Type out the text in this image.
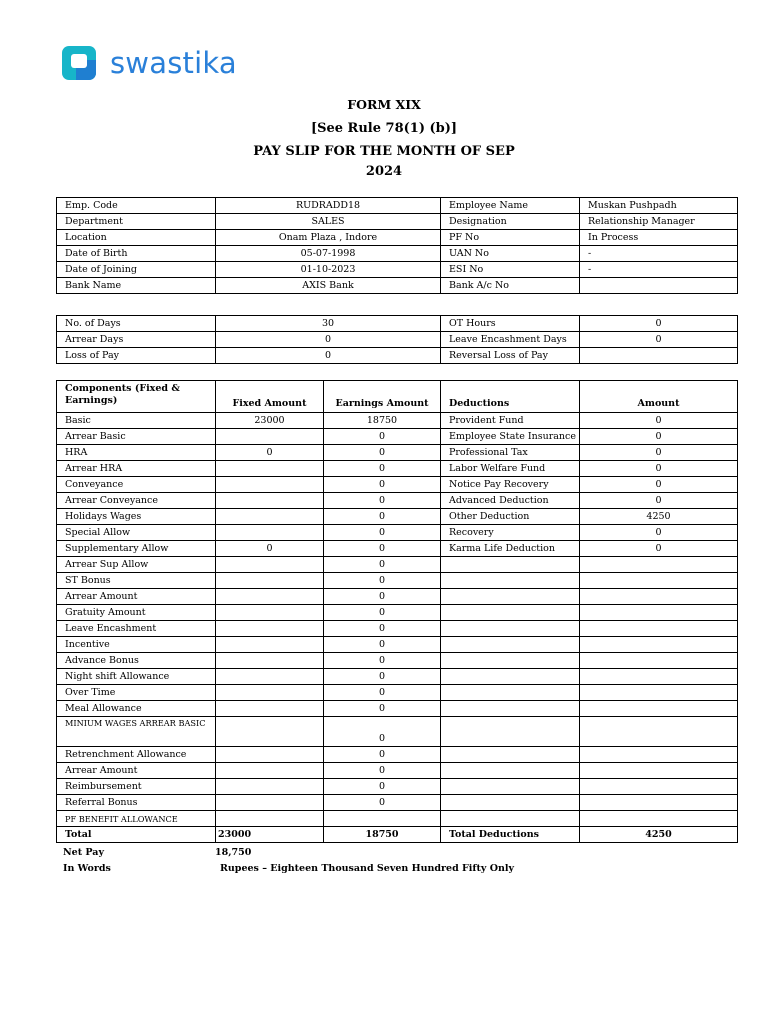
swastika
FORM XIX
[See Rule 78(1) (b)]
PAY SLIP FOR THE MONTH OF SEP
2024
Emp. Code	RUDRADD18	Employee Name	Muskan Pushpadh
Department	SALES	Designation	Relationship Manager
Location	Onam Plaza , Indore	PF No	In Process
Date of Birth	05-07-1998	UAN No	-
Date of Joining	01-10-2023	ESI No	-
Bank Name	AXIS Bank	Bank A/c No	
No. of Days	30	OT Hours	0
Arrear Days	0	Leave Encashment Days	0
Loss of Pay	0	Reversal Loss of Pay	
Components (Fixed & Earnings)	Fixed Amount	Earnings Amount	Deductions	Amount
Basic	23000	18750	Provident Fund	0
Arrear Basic		0	Employee State Insurance	0
HRA	0	0	Professional Tax	0
Arrear HRA		0	Labor Welfare Fund	0
Conveyance		0	Notice Pay Recovery	0
Arrear Conveyance		0	Advanced Deduction	0
Holidays Wages		0	Other Deduction	4250
Special Allow		0	Recovery	0
Supplementary Allow	0	0	Karma Life Deduction	0
Arrear Sup Allow		0		
ST Bonus		0		
Arrear Amount		0		
Gratuity Amount		0		
Leave Encashment		0		
Incentive		0		
Advance Bonus		0		
Night shift Allowance		0		
Over Time		0		
Meal Allowance		0		
MINIUM WAGES ARREAR BASIC		0		
Retrenchment Allowance		0		
Arrear Amount		0		
Reimbursement		0		
Referral Bonus		0		
PF BENEFIT ALLOWANCE				
Total	23000	18750	Total Deductions	4250
Net Pay	18,750
In Words	Rupees – Eighteen Thousand Seven Hundred Fifty Only
